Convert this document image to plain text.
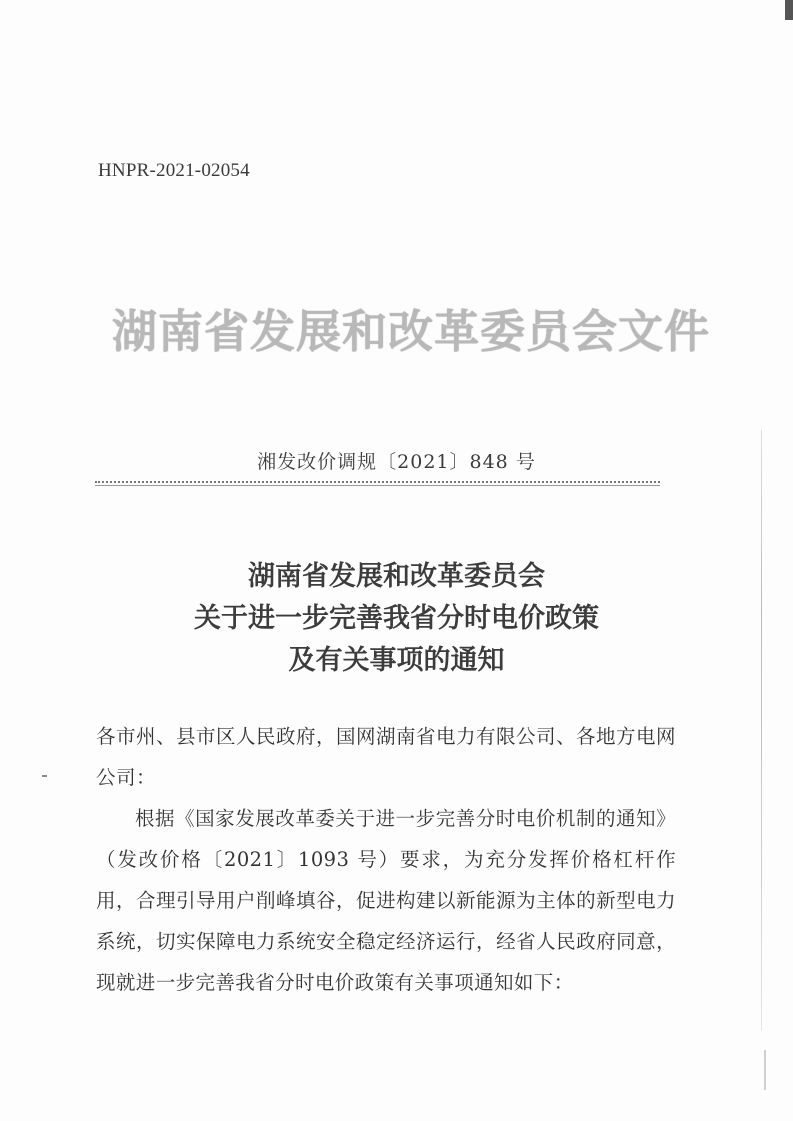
HNPR-2021-02054
湖南省发展和改革委员会文件
湘发改价调规〔2021〕848 号
湖南省发展和改革委员会
关于进一步完善我省分时电价政策
及有关事项的通知
各市州、县市区人民政府，国网湖南省电力有限公司、各地方电网公司：
根据《国家发展改革委关于进一步完善分时电价机制的通知》（发改价格〔2021〕1093 号）要求，为充分发挥价格杠杆作用，合理引导用户削峰填谷，促进构建以新能源为主体的新型电力系统，切实保障电力系统安全稳定经济运行，经省人民政府同意，现就进一步完善我省分时电价政策有关事项通知如下：
